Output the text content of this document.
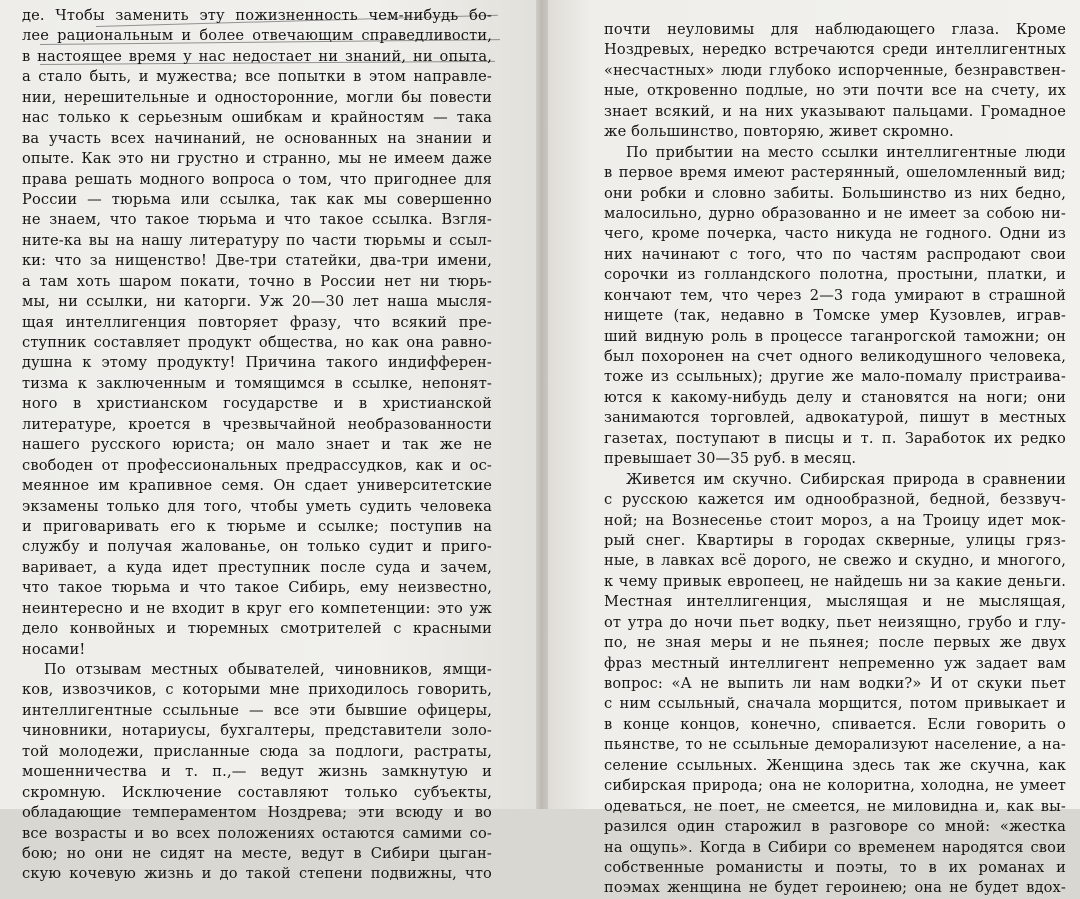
де. Чтобы заменить эту пожизненность чем-нибудь бо-
лее рациональным и более отвечающим справедливости,
в настоящее время у нас недостает ни знаний, ни опыта,
а стало быть, и мужества; все попытки в этом направле-
нии, нерешительные и односторонние, могли бы повести
нас только к серьезным ошибкам и крайностям — така
ва участь всех начинаний, не основанных на знании и
опыте. Как это ни грустно и странно, мы не имеем даже
права решать модного вопроса о том, что пригоднее для
России — тюрьма или ссылка, так как мы совершенно
не знаем, что такое тюрьма и что такое ссылка. Взгля-
ните-ка вы на нашу литературу по части тюрьмы и ссыл-
ки: что за нищенство! Две-три статейки, два-три имени,
а там хоть шаром покати, точно в России нет ни тюрь-
мы, ни ссылки, ни каторги. Уж 20—30 лет наша мысля-
щая интеллигенция повторяет фразу, что всякий пре-
ступник составляет продукт общества, но как она равно-
душна к этому продукту! Причина такого индифферен-
тизма к заключенным и томящимся в ссылке, непонят-
ного в христианском государстве и в христианской
литературе, кроется в чрезвычайной необразованности
нашего русского юриста; он мало знает и так же не
свободен от профессиональных предрассудков, как и ос-
меянное им крапивное семя. Он сдает университетские
экзамены только для того, чтобы уметь судить человека
и приговаривать его к тюрьме и ссылке; поступив на
службу и получая жалованье, он только судит и приго-
варивает, а куда идет преступник после суда и зачем,
что такое тюрьма и что такое Сибирь, ему неизвестно,
неинтересно и не входит в круг его компетенции: это уж
дело конвойных и тюремных смотрителей с красными
носами!
По отзывам местных обывателей, чиновников, ямщи-
ков, извозчиков, с которыми мне приходилось говорить,
интеллигентные ссыльные — все эти бывшие офицеры,
чиновники, нотариусы, бухгалтеры, представители золо-
той молодежи, присланные сюда за подлоги, растраты,
мошенничества и т. п.,— ведут жизнь замкнутую и
скромную. Исключение составляют только субъекты,
обладающие темпераментом Ноздрева; эти всюду и во
все возрасты и во всех положениях остаются самими со-
бою; но они не сидят на месте, ведут в Сибири цыган-
скую кочевую жизнь и до такой степени подвижны, что
почти неуловимы для наблюдающего глаза. Кроме
Ноздревых, нередко встречаются среди интеллигентных
«несчастных» люди глубоко испорченные, безнравствен-
ные, откровенно подлые, но эти почти все на счету, их
знает всякий, и на них указывают пальцами. Громадное
же большинство, повторяю, живет скромно.
По прибытии на место ссылки интеллигентные люди
в первое время имеют растерянный, ошеломленный вид;
они робки и словно забиты. Большинство из них бедно,
малосильно, дурно образованно и не имеет за собою ни-
чего, кроме почерка, часто никуда не годного. Одни из
них начинают с того, что по частям распродают свои
сорочки из голландского полотна, простыни, платки, и
кончают тем, что через 2—3 года умирают в страшной
нищете (так, недавно в Томске умер Кузовлев, играв-
ший видную роль в процессе таганрогской таможни; он
был похоронен на счет одного великодушного человека,
тоже из ссыльных); другие же мало-помалу пристраива-
ются к какому-нибудь делу и становятся на ноги; они
занимаются торговлей, адвокатурой, пишут в местных
газетах, поступают в писцы и т. п. Заработок их редко
превышает 30—35 руб. в месяц.
Живется им скучно. Сибирская природа в сравнении
с русскою кажется им однообразной, бедной, беззвуч-
ной; на Вознесенье стоит мороз, а на Троицу идет мок-
рый снег. Квартиры в городах скверные, улицы гряз-
ные, в лавках всё дорого, не свежо и скудно, и многого,
к чему привык европеец, не найдешь ни за какие деньги.
Местная интеллигенция, мыслящая и не мыслящая,
от утра до ночи пьет водку, пьет неизящно, грубо и глу-
по, не зная меры и не пьянея; после первых же двух
фраз местный интеллигент непременно уж задает вам
вопрос: «А не выпить ли нам водки?» И от скуки пьет
с ним ссыльный, сначала морщится, потом привыкает и
в конце концов, конечно, спивается. Если говорить о
пьянстве, то не ссыльные деморализуют население, а на-
селение ссыльных. Женщина здесь так же скучна, как
сибирская природа; она не колоритна, холодна, не умеет
одеваться, не поет, не смеется, не миловидна и, как вы-
разился один старожил в разговоре со мной: «жестка
на ощупь». Когда в Сибири со временем народятся свои
собственные романисты и поэты, то в их романах и
поэмах женщина не будет героинею; она не будет вдох-
